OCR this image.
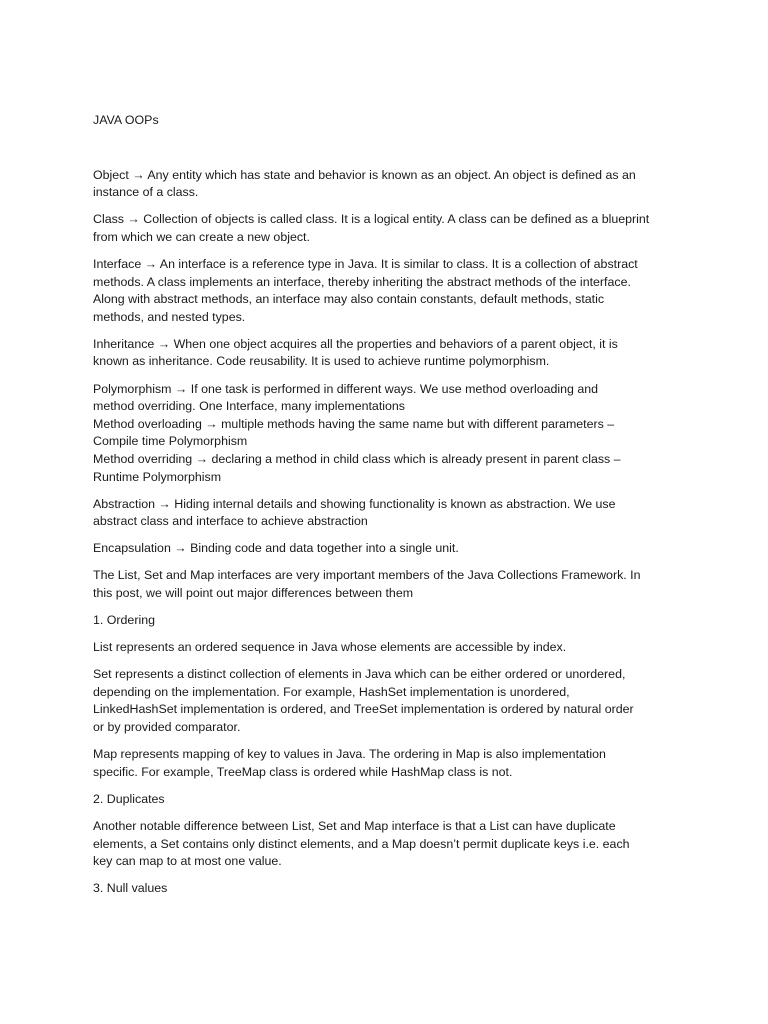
JAVA OOPs
Object → Any entity which has state and behavior is known as an object. An object is defined as an
instance of a class.
Class → Collection of objects is called class. It is a logical entity. A class can be defined as a blueprint
from which we can create a new object.
Interface → An interface is a reference type in Java. It is similar to class. It is a collection of abstract
methods. A class implements an interface, thereby inheriting the abstract methods of the interface.
Along with abstract methods, an interface may also contain constants, default methods, static
methods, and nested types.
Inheritance → When one object acquires all the properties and behaviors of a parent object, it is
known as inheritance. Code reusability. It is used to achieve runtime polymorphism.
Polymorphism → If one task is performed in different ways. We use method overloading and
method overriding. One Interface, many implementations
Method overloading → multiple methods having the same name but with different parameters –
Compile time Polymorphism
Method overriding → declaring a method in child class which is already present in parent class –
Runtime Polymorphism
Abstraction → Hiding internal details and showing functionality is known as abstraction. We use
abstract class and interface to achieve abstraction
Encapsulation → Binding code and data together into a single unit.
The List, Set and Map interfaces are very important members of the Java Collections Framework. In
this post, we will point out major differences between them
1. Ordering
List represents an ordered sequence in Java whose elements are accessible by index.
Set represents a distinct collection of elements in Java which can be either ordered or unordered,
depending on the implementation. For example, HashSet implementation is unordered,
LinkedHashSet implementation is ordered, and TreeSet implementation is ordered by natural order
or by provided comparator.
Map represents mapping of key to values in Java. The ordering in Map is also implementation
specific. For example, TreeMap class is ordered while HashMap class is not.
2. Duplicates
Another notable difference between List, Set and Map interface is that a List can have duplicate
elements, a Set contains only distinct elements, and a Map doesn’t permit duplicate keys i.e. each
key can map to at most one value.
3. Null values
